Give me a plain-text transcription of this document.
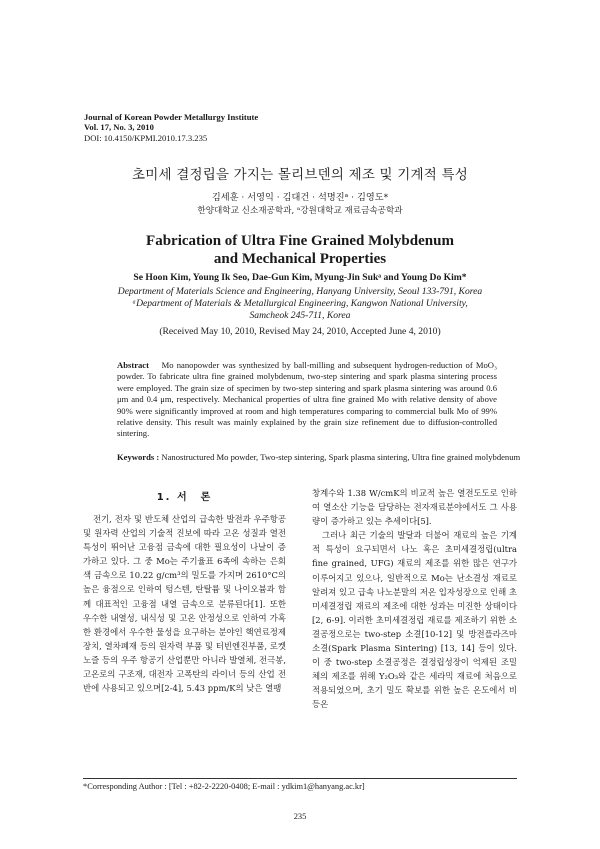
Journal of Korean Powder Metallurgy Institute
Vol. 17, No. 3, 2010
DOI: 10.4150/KPMI.2010.17.3.235
초미세 결정립을 가지는 몰리브덴의 제조 및 기계적 특성
김세훈 · 서영익 · 김대건 · 석명진ᵃ · 김영도*
한양대학교 신소재공학과, ᵃ강원대학교 재료금속공학과
Fabrication of Ultra Fine Grained Molybdenum
and Mechanical Properties
Se Hoon Kim, Young Ik Seo, Dae-Gun Kim, Myung-Jin Sukᵃ and Young Do Kim*
Department of Materials Science and Engineering, Hanyang University, Seoul 133-791, Korea
ᵃDepartment of Materials & Metallurgical Engineering, Kangwon National University,
Samcheok 245-711, Korea
(Received May 10, 2010, Revised May 24, 2010, Accepted June 4, 2010)
Abstract Mo nanopowder was synthesized by ball-milling and subsequent hydrogen-reduction of MoO₃ powder. To fabricate ultra fine grained molybdenum, two-step sintering and spark plasma sintering process were employed. The grain size of specimen by two-step sintering and spark plasma sintering was around 0.6 μm and 0.4 μm, respectively. Mechanical properties of ultra fine grained Mo with relative density of above 90% were significantly improved at room and high temperatures comparing to commercial bulk Mo of 99% relative density. This result was mainly explained by the grain size refinement due to diffusion-controlled sintering.
Keywords : Nanostructured Mo powder, Two-step sintering, Spark plasma sintering, Ultra fine grained molybdenum
1. 서　론

전기, 전자 및 반도체 산업의 급속한 발전과 우주항공 및 원자력 산업의 기술적 진보에 따라 고온 성질과 열전특성이 뛰어난 고융점 금속에 대한 필요성이 나날이 증가하고 있다. 그 중 Mo는 주기율표 6족에 속하는 은회색 금속으로 10.22 g/cm³의 밀도를 가지며 2610°C의 높은 융점으로 인하여 텅스텐, 탄탈륨 및 나이오븀과 함께 대표적인 고융점 내열 금속으로 분류된다[1]. 또한 우수한 내열성, 내식성 및 고온 안정성으로 인하여 가혹한 환경에서 우수한 물성을 요구하는 분야인 핵연료정제장치, 열차폐재 등의 원자력 부품 및 터빈엔진부품, 로켓 노즐 등의 우주 항공기 산업뿐만 아니라 발열체, 전극봉, 고온로의 구조재, 대전자 고폭탄의 라이너 등의 산업 전반에 사용되고 있으며[2-4], 5.43 ppm/K의 낮은 열팽

창계수와 1.38 W/cmK의 비교적 높은 열전도도로 인하여 열소산 기능을 담당하는 전자재료분야에서도 그 사용량이 증가하고 있는 추세이다[5].

그러나 최근 기술의 발달과 더불어 재료의 높은 기계적 특성이 요구되면서 나노 혹은 초미세결정립(ultra fine grained, UFG) 재료의 제조를 위한 많은 연구가 이루어지고 있으나, 일반적으로 Mo는 난소결성 재료로 알려져 있고 급속 나노분말의 저온 입자성장으로 인해 초미세결정립 재료의 제조에 대한 성과는 미진한 상태이다[2, 6-9]. 이러한 초미세결정립 재료를 제조하기 위한 소결공정으로는 two-step 소결[10-12] 및 방전플라즈마 소결(Spark Plasma Sintering) [13, 14] 등이 있다. 이 중 two-step 소결공정은 결정립성장이 억제된 조밀체의 제조를 위해 Y₂O₃와 같은 세라믹 재료에 처음으로 적용되었으며, 초기 밀도 확보를 위한 높은 온도에서 비등온

*Corresponding Author : [Tel : +82-2-2220-0408; E-mail : ydkim1@hanyang.ac.kr]
235
